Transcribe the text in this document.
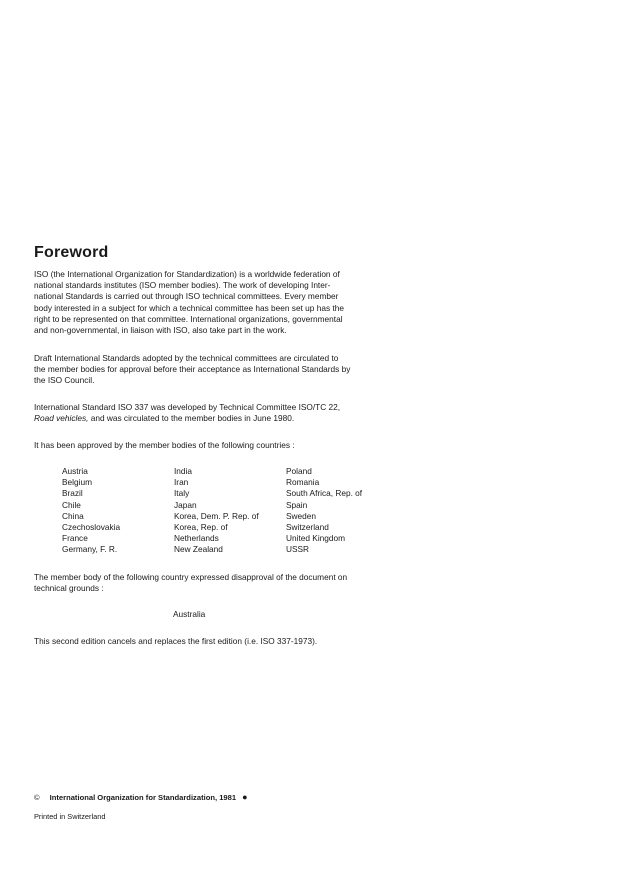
Foreword
ISO (the International Organization for Standardization) is a worldwide federation of
national standards institutes (ISO member bodies). The work of developing Inter-
national Standards is carried out through ISO technical committees. Every member
body interested in a subject for which a technical committee has been set up has the
right to be represented on that committee. International organizations, governmental
and non-governmental, in liaison with ISO, also take part in the work.
Draft International Standards adopted by the technical committees are circulated to
the member bodies for approval before their acceptance as International Standards by
the ISO Council.
International Standard ISO 337 was developed by Technical Committee ISO/TC 22,
Road vehicles, and was circulated to the member bodies in June 1980.
It has been approved by the member bodies of the following countries :
Austria
Belgium
Brazil
Chile
China
Czechoslovakia
France
Germany, F. R.
India
Iran
Italy
Japan
Korea, Dem. P. Rep. of
Korea, Rep. of
Netherlands
New Zealand
Poland
Romania
South Africa, Rep. of
Spain
Sweden
Switzerland
United Kingdom
USSR
The member body of the following country expressed disapproval of the document on
technical grounds :
Australia
This second edition cancels and replaces the first edition (i.e. ISO 337-1973).
© International Organization for Standardization, 1981 ●
Printed in Switzerland
